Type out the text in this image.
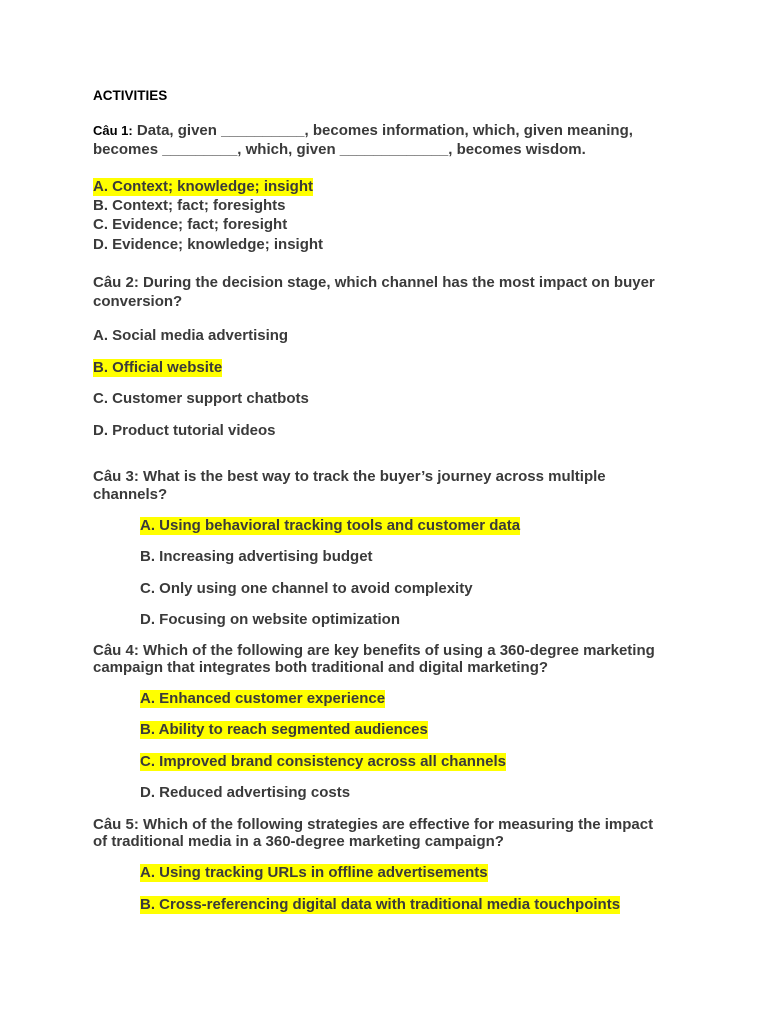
ACTIVITIES
Câu 1: Data, given __________, becomes information, which, given meaning,
becomes _________, which, given _____________, becomes wisdom.
A. Context; knowledge; insight
B. Context; fact; foresights
C. Evidence; fact; foresight
D. Evidence; knowledge; insight
Câu 2: During the decision stage, which channel has the most impact on buyer
conversion?
A. Social media advertising
B. Official website
C. Customer support chatbots
D. Product tutorial videos
Câu 3: What is the best way to track the buyer’s journey across multiple
channels?
A. Using behavioral tracking tools and customer data
B. Increasing advertising budget
C. Only using one channel to avoid complexity
D. Focusing on website optimization
Câu 4: Which of the following are key benefits of using a 360-degree marketing
campaign that integrates both traditional and digital marketing?
A. Enhanced customer experience
B. Ability to reach segmented audiences
C. Improved brand consistency across all channels
D. Reduced advertising costs
Câu 5: Which of the following strategies are effective for measuring the impact
of traditional media in a 360-degree marketing campaign?
A. Using tracking URLs in offline advertisements
B. Cross-referencing digital data with traditional media touchpoints
